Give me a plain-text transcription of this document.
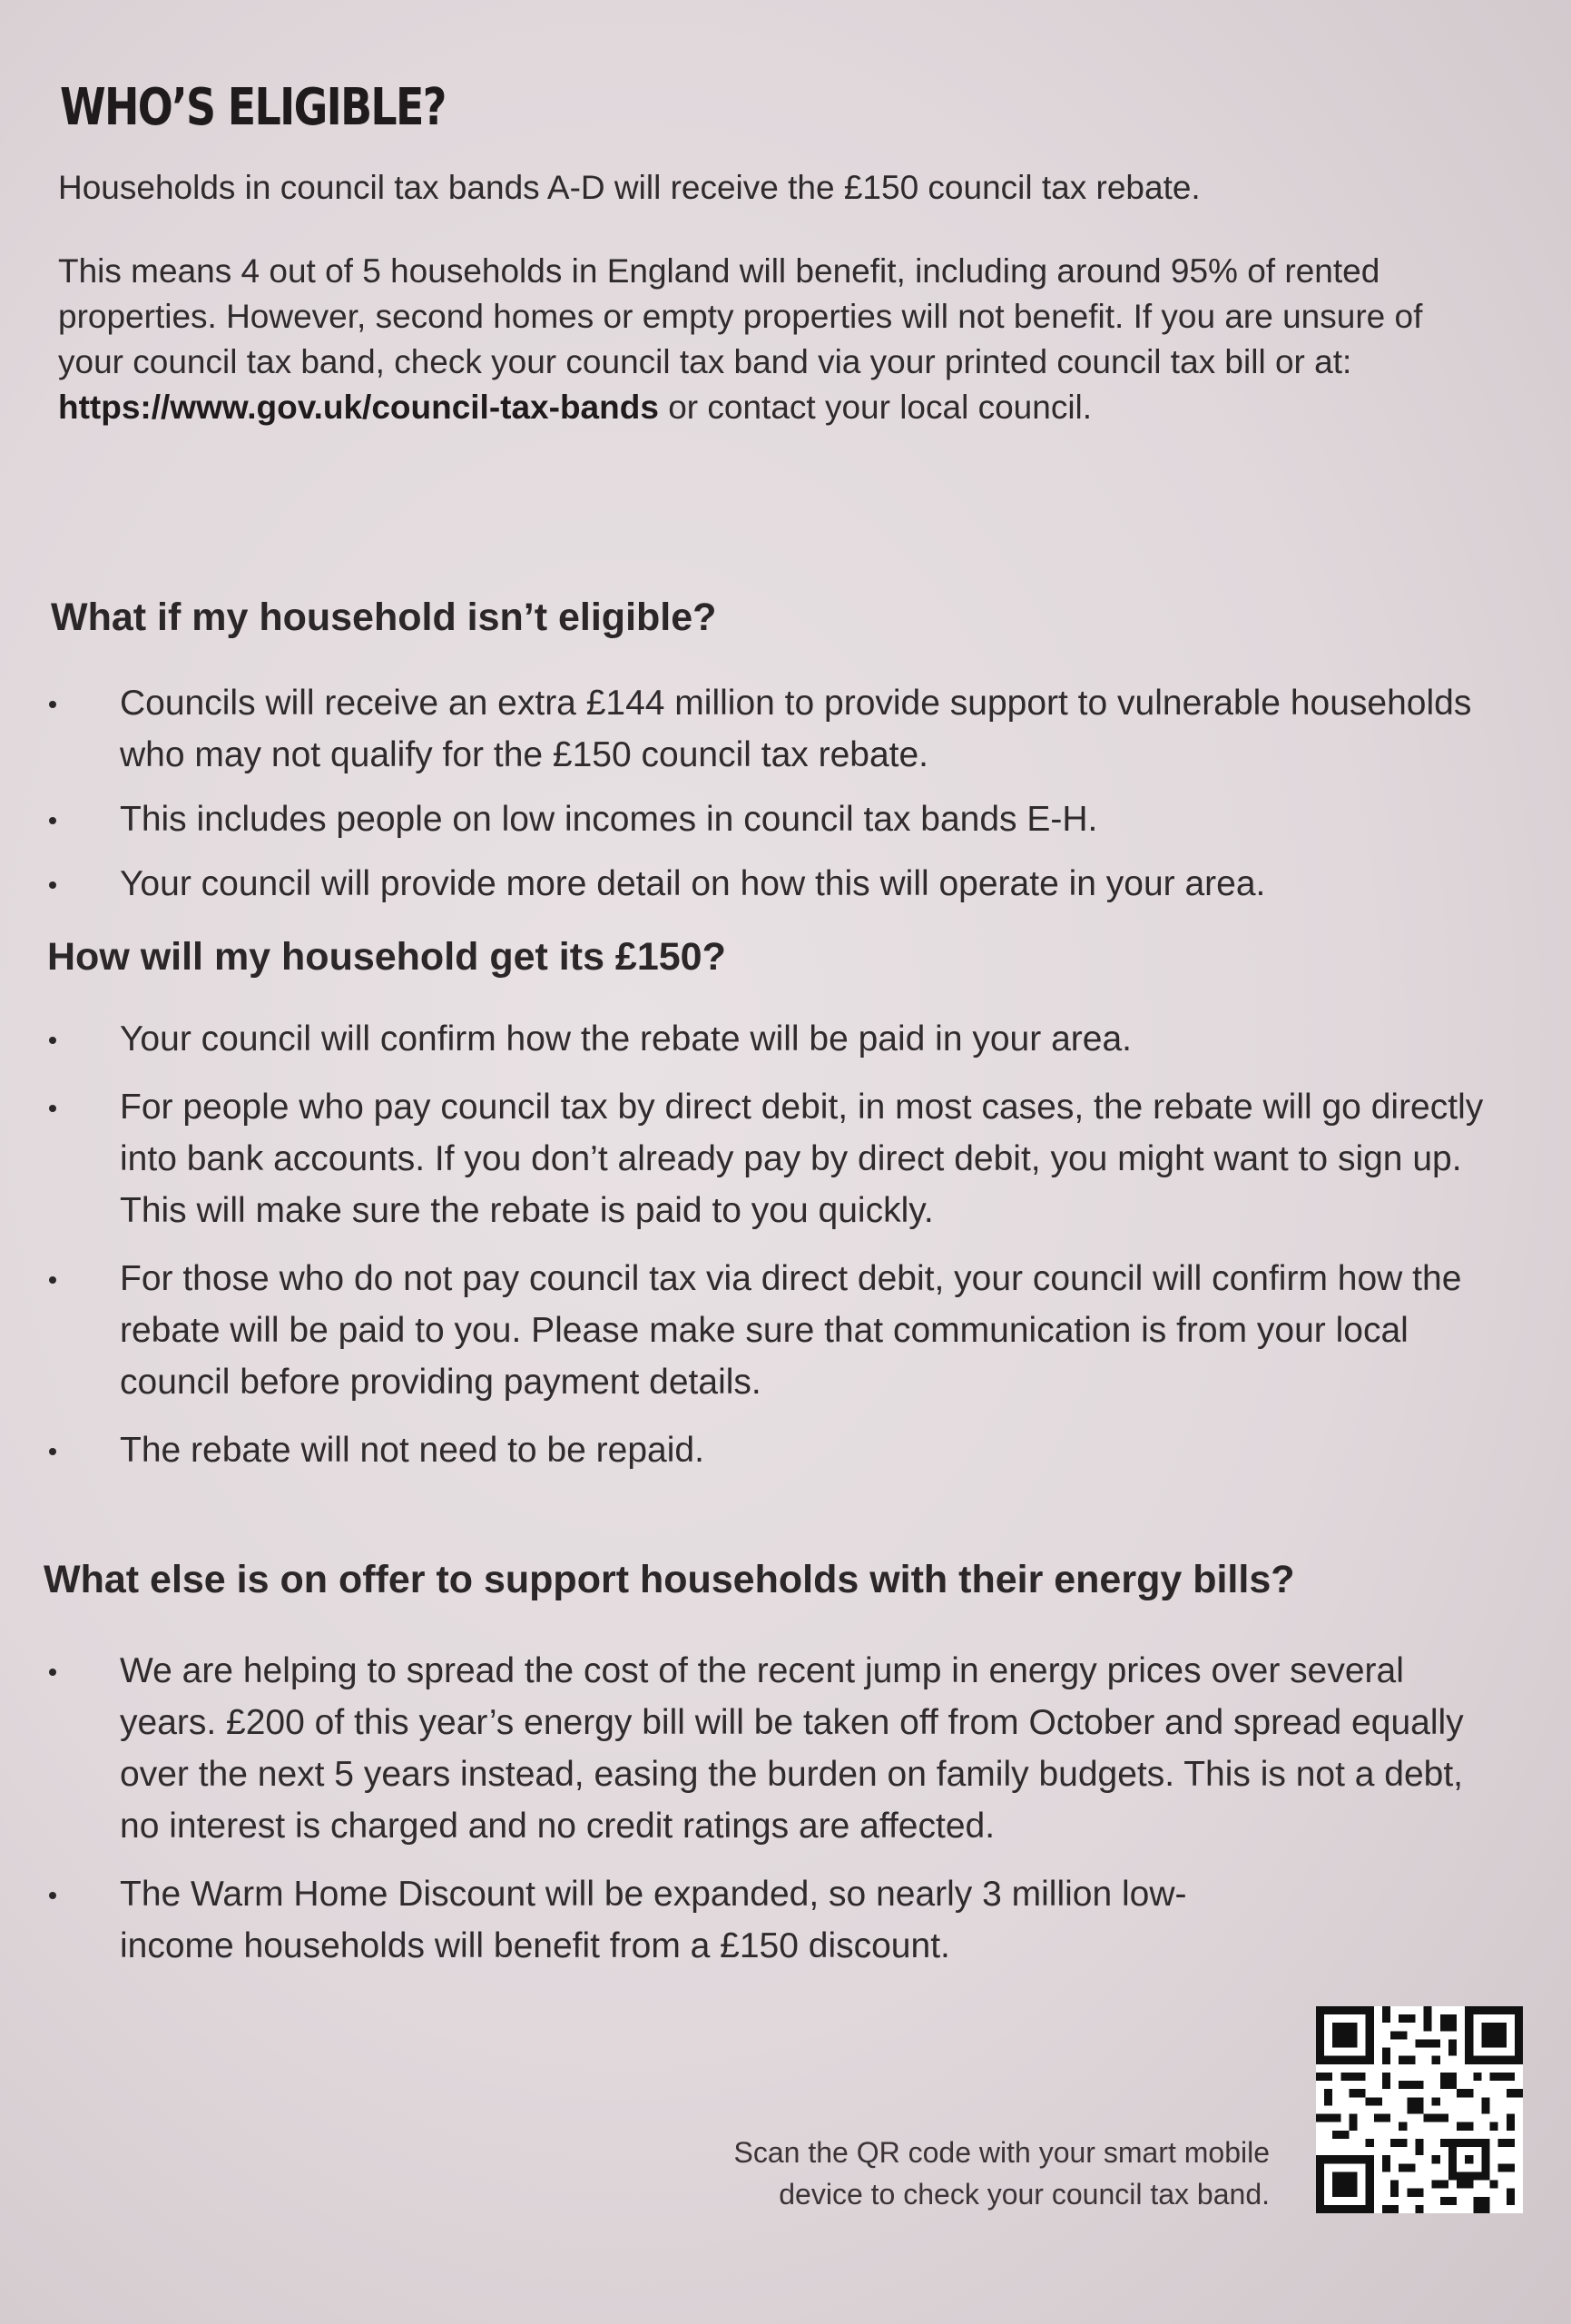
WHO’S ELIGIBLE?

Households in council tax bands A-D will receive the £150 council tax rebate.

This means 4 out of 5 households in England will benefit, including around 95% of rented properties. However, second homes or empty properties will not benefit. If you are unsure of your council tax band, check your council tax band via your printed council tax bill or at: https://www.gov.uk/council-tax-bands or contact your local council.

What if my household isn’t eligible?
Councils will receive an extra £144 million to provide support to vulnerable households who may not qualify for the £150 council tax rebate.
This includes people on low incomes in council tax bands E-H.
Your council will provide more detail on how this will operate in your area.
How will my household get its £150?
Your council will confirm how the rebate will be paid in your area.
For people who pay council tax by direct debit, in most cases, the rebate will go directly into bank accounts. If you don’t already pay by direct debit, you might want to sign up. This will make sure the rebate is paid to you quickly.
For those who do not pay council tax via direct debit, your council will confirm how the rebate will be paid to you. Please make sure that communication is from your local council before providing payment details.
The rebate will not need to be repaid.
What else is on offer to support households with their energy bills?
We are helping to spread the cost of the recent jump in energy prices over several years. £200 of this year’s energy bill will be taken off from October and spread equally over the next 5 years instead, easing the burden on family budgets. This is not a debt, no interest is charged and no credit ratings are affected.
The Warm Home Discount will be expanded, so nearly 3 million low-income households will benefit from a £150 discount.
Scan the QR code with your smart mobile
device to check your council tax band.
